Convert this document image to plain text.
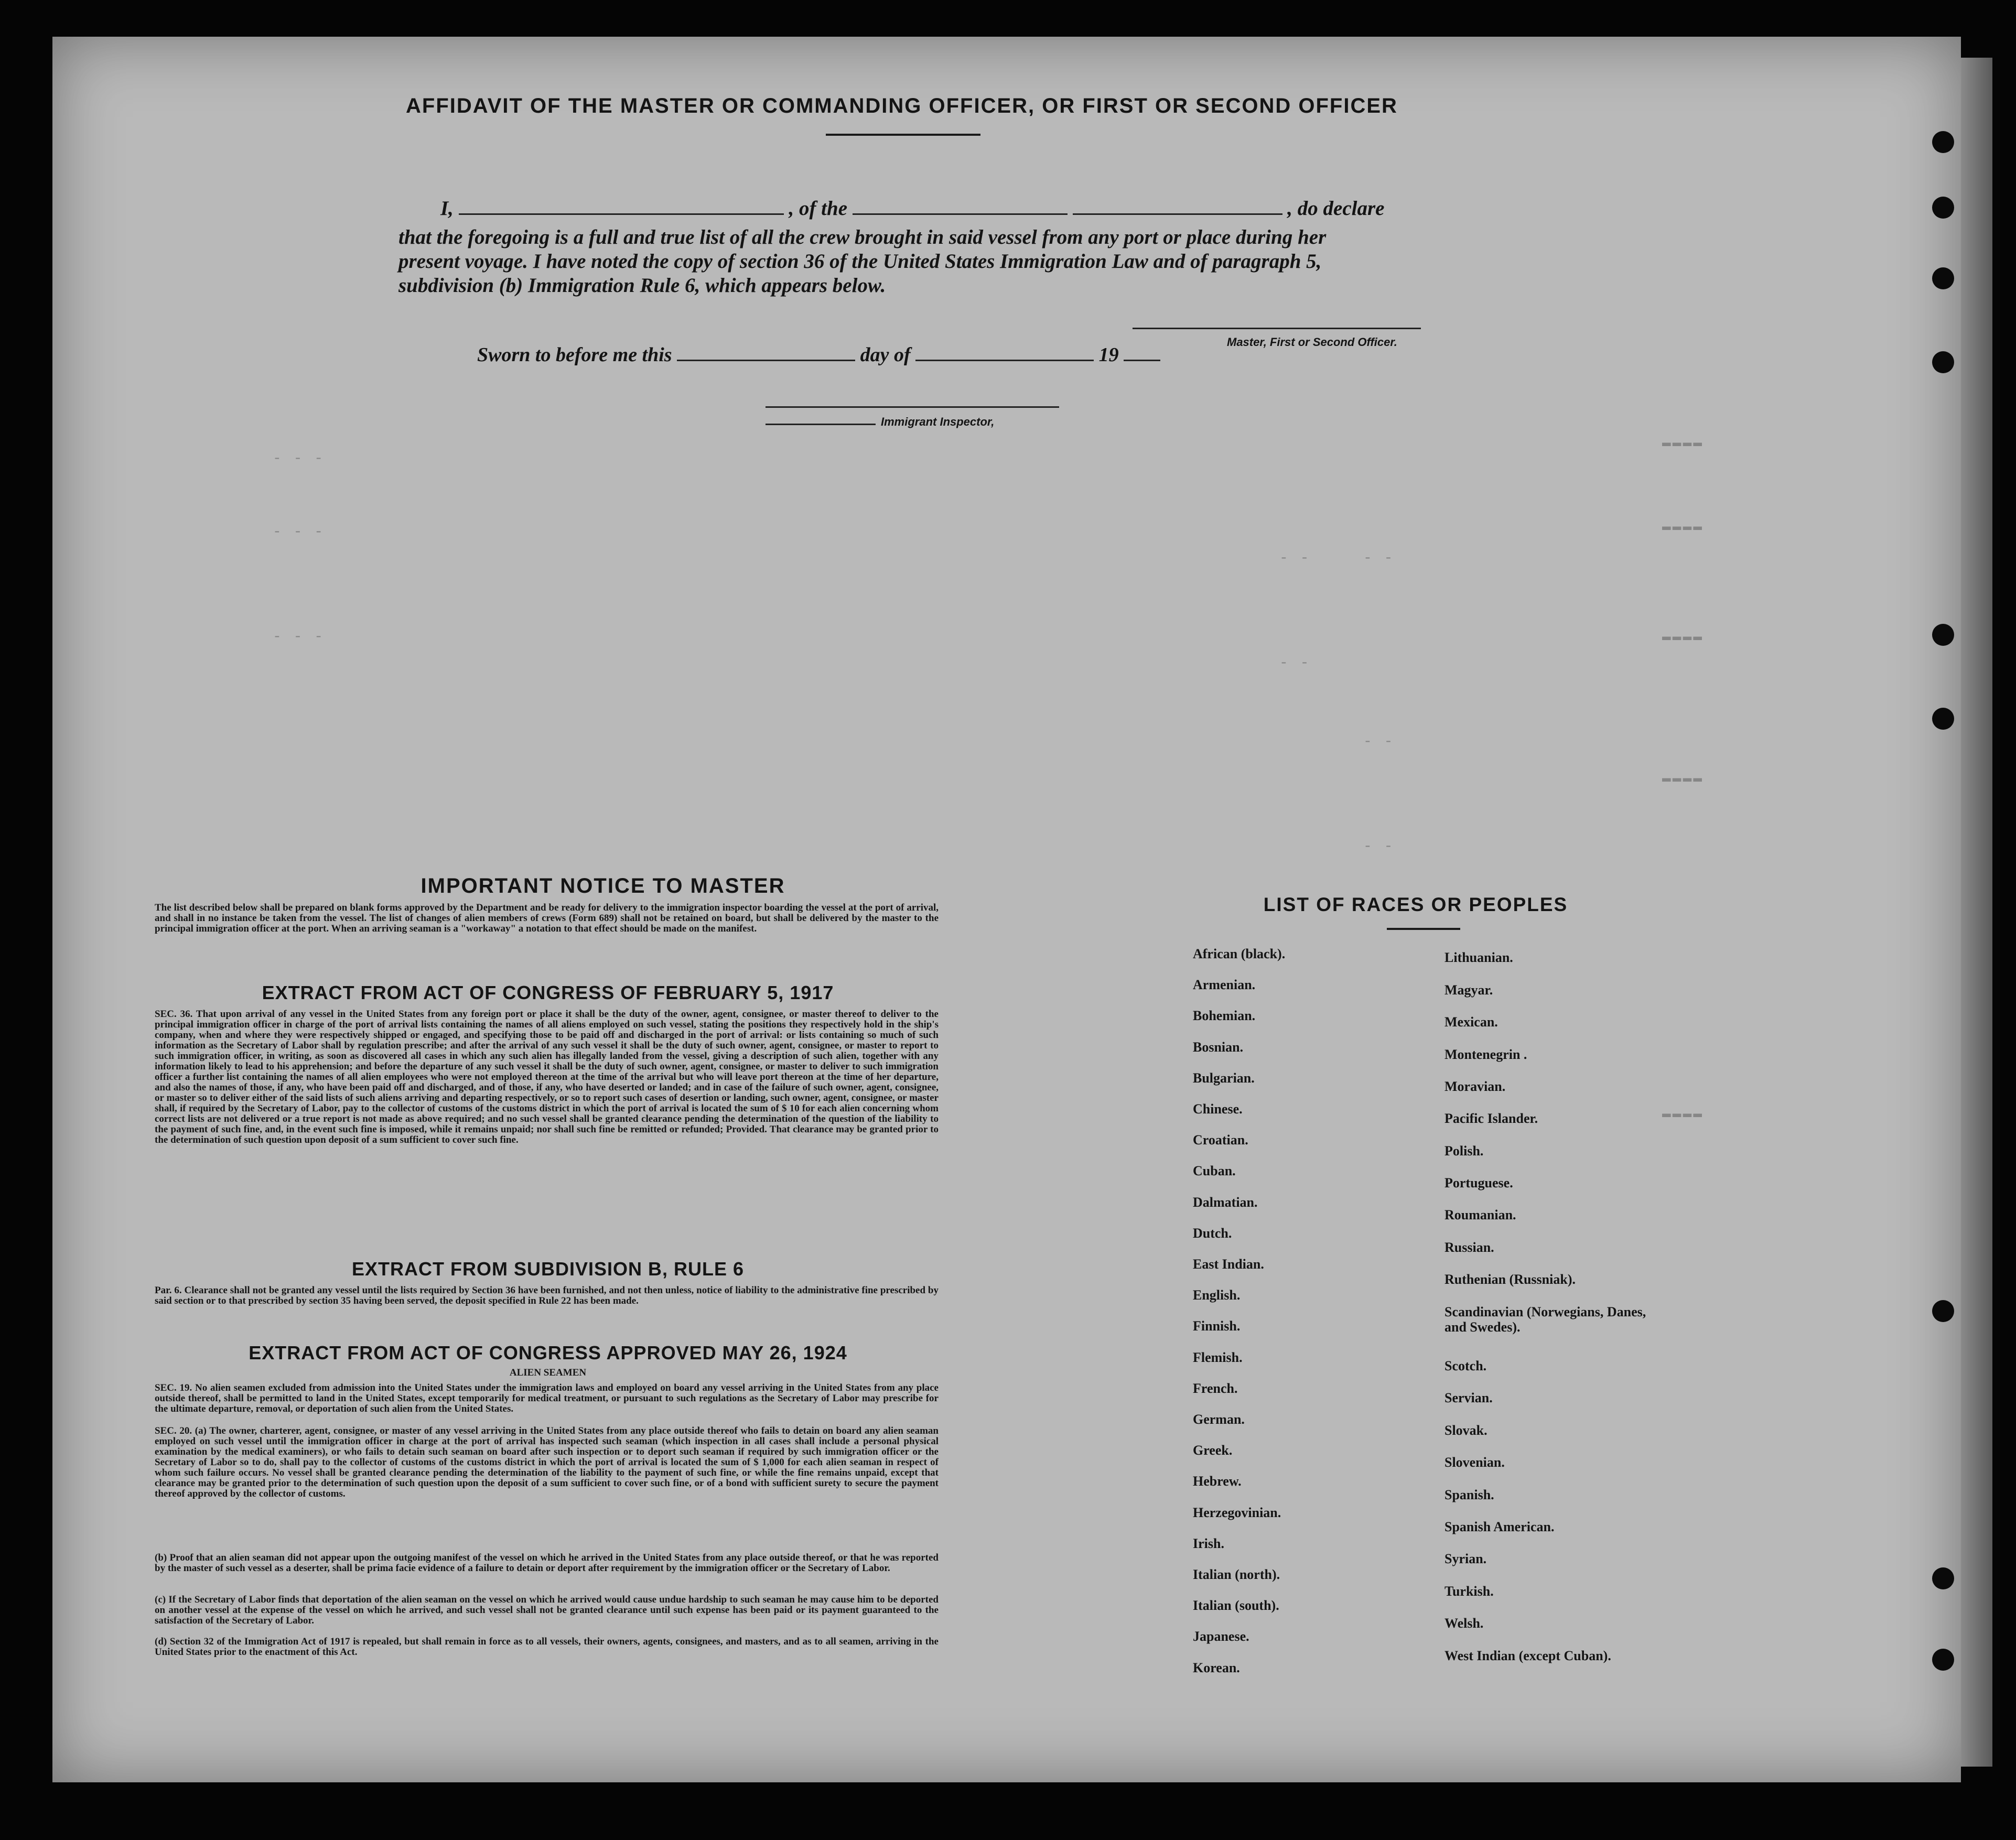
AFFIDAVIT OF THE MASTER OR COMMANDING OFFICER, OR FIRST OR SECOND OFFICER
I,	, of the	, do declare
that the foregoing is a full and true list of all the crew brought in said vessel from any port or place during her
present voyage. I have noted the copy of section 36 of the United States Immigration Law and of paragraph 5,
subdivision (b) Immigration Rule 6, which appears below.
Master, First or Second Officer.
Sworn to before me this	day of	19
Immigrant Inspector,
- - -
- - -
- - -
- -	- -
- -
- -
- -
▬▬▬▬
▬▬▬▬
▬▬▬▬
▬▬▬▬
▬▬▬▬
IMPORTANT NOTICE TO MASTER
The list described below shall be prepared on blank forms approved by the Department and be ready for delivery to the immigration inspector boarding the vessel at the port of arrival, and shall in no instance be taken from the vessel. The list of changes of alien members of crews (Form 689) shall not be retained on board, but shall be delivered by the master to the principal immigration officer at the port. When an arriving seaman is a "workaway" a notation to that effect should be made on the manifest.
EXTRACT FROM ACT OF CONGRESS OF FEBRUARY 5, 1917
SEC. 36. That upon arrival of any vessel in the United States from any foreign port or place it shall be the duty of the owner, agent, consignee, or master thereof to deliver to the principal immigration officer in charge of the port of arrival lists containing the names of all aliens employed on such vessel, stating the positions they respectively hold in the ship's company, when and where they were respectively shipped or engaged, and specifying those to be paid off and discharged in the port of arrival: or lists containing so much of such information as the Secretary of Labor shall by regulation prescribe; and after the arrival of any such vessel it shall be the duty of such owner, agent, consignee, or master to report to such immigration officer, in writing, as soon as discovered all cases in which any such alien has illegally landed from the vessel, giving a description of such alien, together with any information likely to lead to his apprehension; and before the departure of any such vessel it shall be the duty of such owner, agent, consignee, or master to deliver to such immigration officer a further list containing the names of all alien employees who were not employed thereon at the time of the arrival but who will leave port thereon at the time of her departure, and also the names of those, if any, who have been paid off and discharged, and of those, if any, who have deserted or landed; and in case of the failure of such owner, agent, consignee, or master so to deliver either of the said lists of such aliens arriving and departing respectively, or so to report such cases of desertion or landing, such owner, agent, consignee, or master shall, if required by the Secretary of Labor, pay to the collector of customs of the customs district in which the port of arrival is located the sum of $ 10 for each alien concerning whom correct lists are not delivered or a true report is not made as above required; and no such vessel shall be granted clearance pending the determination of the question of the liability to the payment of such fine, and, in the event such fine is imposed, while it remains unpaid; nor shall such fine be remitted or refunded; Provided. That clearance may be granted prior to the determination of such question upon deposit of a sum sufficient to cover such fine.
EXTRACT FROM SUBDIVISION B, RULE 6
Par. 6. Clearance shall not be granted any vessel until the lists required by Section 36 have been furnished, and not then unless, notice of liability to the administrative fine prescribed by said section or to that prescribed by section 35 having been served, the deposit specified in Rule 22 has been made.
EXTRACT FROM ACT OF CONGRESS APPROVED MAY 26, 1924
ALIEN SEAMEN
SEC. 19. No alien seamen excluded from admission into the United States under the immigration laws and employed on board any vessel arriving in the United States from any place outside thereof, shall be permitted to land in the United States, except temporarily for medical treatment, or pursuant to such regulations as the Secretary of Labor may prescribe for the ultimate departure, removal, or deportation of such alien from the United States.
SEC. 20. (a) The owner, charterer, agent, consignee, or master of any vessel arriving in the United States from any place outside thereof who fails to detain on board any alien seaman employed on such vessel until the immigration officer in charge at the port of arrival has inspected such seaman (which inspection in all cases shall include a personal physical examination by the medical examiners), or who fails to detain such seaman on board after such inspection or to deport such seaman if required by such immigration officer or the Secretary of Labor so to do, shall pay to the collector of customs of the customs district in which the port of arrival is located the sum of $ 1,000 for each alien seaman in respect of whom such failure occurs. No vessel shall be granted clearance pending the determination of the liability to the payment of such fine, or while the fine remains unpaid, except that clearance may be granted prior to the determination of such question upon the deposit of a sum sufficient to cover such fine, or of a bond with sufficient surety to secure the payment thereof approved by the collector of customs.
(b) Proof that an alien seaman did not appear upon the outgoing manifest of the vessel on which he arrived in the United States from any place outside thereof, or that he was reported by the master of such vessel as a deserter, shall be prima facie evidence of a failure to detain or deport after requirement by the immigration officer or the Secretary of Labor.
(c) If the Secretary of Labor finds that deportation of the alien seaman on the vessel on which he arrived would cause undue hardship to such seaman he may cause him to be deported on another vessel at the expense of the vessel on which he arrived, and such vessel shall not be granted clearance until such expense has been paid or its payment guaranteed to the satisfaction of the Secretary of Labor.
(d) Section 32 of the Immigration Act of 1917 is repealed, but shall remain in force as to all vessels, their owners, agents, consignees, and masters, and as to all seamen, arriving in the United States prior to the enactment of this Act.
LIST OF RACES OR PEOPLES
African (black).
Armenian.
Bohemian.
Bosnian.
Bulgarian.
Chinese.
Croatian.
Cuban.
Dalmatian.
Dutch.
East Indian.
English.
Finnish.
Flemish.
French.
German.
Greek.
Hebrew.
Herzegovinian.
Irish.
Italian (north).
Italian (south).
Japanese.
Korean.
Lithuanian.
Magyar.
Mexican.
Montenegrin .
Moravian.
Pacific Islander.
Polish.
Portuguese.
Roumanian.
Russian.
Ruthenian (Russniak).
Scandinavian (Norwegians, Danes, and Swedes).
Scotch.
Servian.
Slovak.
Slovenian.
Spanish.
Spanish American.
Syrian.
Turkish.
Welsh.
West Indian (except Cuban).
